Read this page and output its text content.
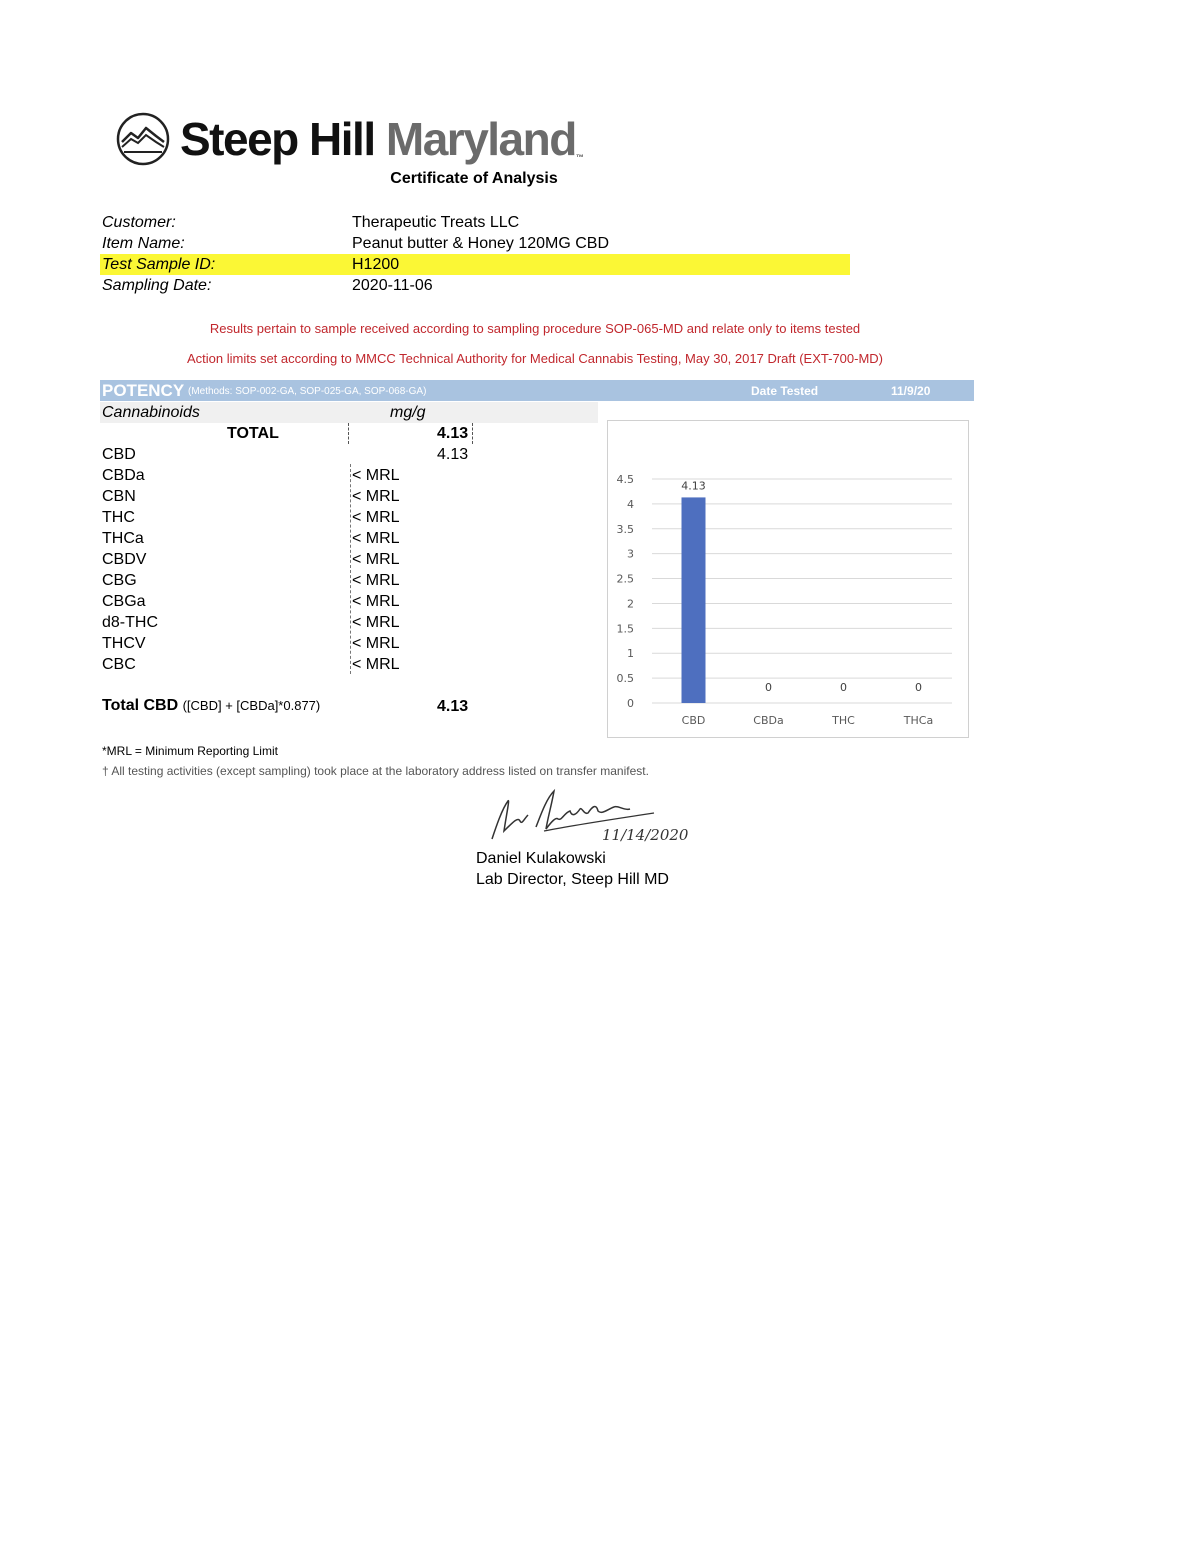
Steep Hill Maryland™
Certificate of Analysis
Customer:	Therapeutic Treats LLC
Item Name:	Peanut butter & Honey 120MG CBD
Test Sample ID:	H1200
Sampling Date:	2020-11-06
Results pertain to sample received according to sampling procedure SOP-065-MD and relate only to items tested
Action limits set according to MMCC Technical Authority for Medical Cannabis Testing, May 30, 2017 Draft (EXT-700-MD)
POTENCY (Methods: SOP-002-GA, SOP-025-GA, SOP-068-GA)	Date Tested	11/9/20
Cannabinoids	mg/g
TOTAL	4.13
CBD	4.13
CBDa	< MRL
CBN	< MRL
THC	< MRL
THCa	< MRL
CBDV	< MRL
CBG	< MRL
CBGa	< MRL
d8-THC	< MRL
THCV	< MRL
CBC	< MRL
Total CBD ([CBD] + [CBDa]*0.877)	4.13	0
0.5
1
1.5
2
2.5
3
3.5
4
4.5	4.13
CBD
0
CBDa
0
THC
0
THCa
*MRL = Minimum Reporting Limit
† All testing activities (except sampling) took place at the laboratory address listed on transfer manifest.
11/14/2020
Daniel Kulakowski
Lab Director, Steep Hill MD
